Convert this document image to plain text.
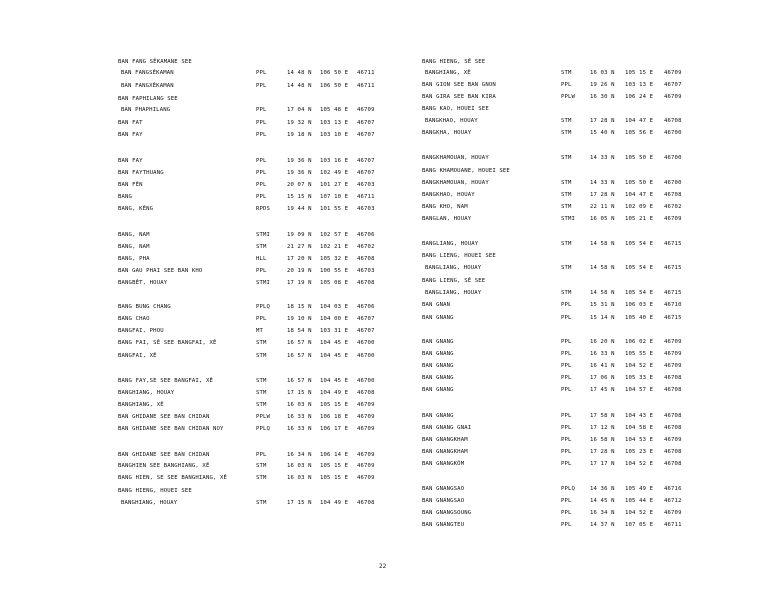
BAN FANG SĚKAMANE SEE
BAN FANGSĚKAMAN	PPL	14 48 N 106 50 E 46711
BAN FANGXĚKAMAN	PPL	14 48 N 106 50 E 46711
BAN FAPHILANG SEE
BAN PHAPHILANG	PPL	17 04 N 105 48 E 46709
BAN FAT	PPL	19 32 N 103 13 E 46707
BAN FAY	PPL	19 18 N 103 10 E 46707
BAN FAY	PPL	19 36 N 103 16 E 46707
BAN FAYTHUANG	PPL	19 36 N 102 49 E 46707
BAN FĚN	PPL	20 07 N 101 27 E 46703
BANG	PPL	15 15 N 107 10 E 46711
BANG, KĚNG	RPDS	19 44 N 101 55 E 46703
BANG, NAM	STMI	19 09 N 102 57 E 46706
BANG, NAM	STM	21 27 N 102 21 E 46702
BANG, PHA	HLL	17 20 N 105 32 E 46708
BAN GAU PHAI SEE BAN KHO	PPL	20 19 N 100 55 E 46703
BANGBĚT, HOUAY	STMI	17 19 N 105 08 E 46708
BANG BUNG CHANG	PPLQ	18 15 N 104 03 E 46706
BANG CHAO	PPL	19 10 N 104 00 E 46707
BANGFAI, PHOU	MT	18 54 N 103 31 E 46707
BANG FAI, SĚ SEE BANGFAI, XĚ	STM	16 57 N 104 45 E 46700
BANGFAI, XĚ	STM	16 57 N 104 45 E 46700
BANG FAY,SE SEE BANGFAI, XĚ	STM	16 57 N 104 45 E 46700
BANGHIANG, HOUAY	STM	17 15 N 104 49 E 46708
BANGHIANG, XĚ	STM	16 03 N 105 15 E 46709
BAN GHIDANE SEE BAN CHIDAN	PPLW	16 33 N 106 18 E 46709
BAN GHIDANE SEE BAN CHIDAN NOY	PPLQ	16 33 N 106 17 E 46709
BAN GHIDANE SEE BAN CHIDAN	PPL	16 34 N 106 14 E 46709
BANGHIEN SEE BANGHIANG, XĚ	STM	16 03 N 105 15 E 46709
BANG HIEN, SE SEE BANGHIANG, XĚ	STM	16 03 N 105 15 E 46709
BANG HIENG, HOUEI SEE
BANGHIANG, HOUAY	STM	17 15 N 104 49 E 46708
BANG HIENG, SĚ SEE
BANGHIANG, XĚ	STM	16 03 N 105 15 E 46709
BAN GION SEE BAN GNON	PPL	19 26 N 103 13 E 46707
BAN GIRA SEE BAN KIRA	PPLW	16 30 N 106 24 E 46709
BANG KAO, HOUEI SEE
BANGKHAO, HOUAY	STM	17 28 N 104 47 E 46708
BANGKHA, HOUAY	STM	15 40 N 105 56 E 46700
BANGKHAMOUAN, HOUAY	STM	14 33 N 105 50 E 46700
BANG KHAMOUANE, HOUEI SEE
BANGKHAMOUAN, HOUAY	STM	14 33 N 105 50 E 46700
BANGKHAO, HOUAY	STM	17 28 N 104 47 E 46708
BANG KHO, NAM	STM	22 11 N 102 09 E 46702
BANGLAN, HOUAY	STMI	16 05 N 105 21 E 46709
BANGLIANG, HOUAY	STM	14 58 N 105 54 E 46715
BANG LIENG, HOUEI SEE
BANGLIANG, HOUAY	STM	14 58 N 105 54 E 46715
BANG LIENG, SĚ SEE
BANGLIANG, HOUAY	STM	14 58 N 105 54 E 46715
BAN GNAN	PPL	15 31 N 106 03 E 46710
BAN GNANG	PPL	15 14 N 105 40 E 46715
BAN GNANG	PPL	16 20 N 106 02 E 46709
BAN GNANG	PPL	16 33 N 105 55 E 46709
BAN GNANG	PPL	16 41 N 104 52 E 46709
BAN GNANG	PPL	17 06 N 105 33 E 46708
BAN GNANG	PPL	17 45 N 104 57 E 46708
BAN GNANG	PPL	17 58 N 104 43 E 46708
BAN GNANG GNAI	PPL	17 12 N 104 58 E 46708
BAN GNANGKHAM	PPL	16 58 N 104 53 E 46709
BAN GNANGKHAM	PPL	17 28 N 105 23 E 46708
BAN GNANGKŎM	PPL	17 17 N 104 52 E 46708
BAN GNANGSAO	PPLQ	14 36 N 105 49 E 46716
BAN GNANGSAO	PPL	14 45 N 105 44 E 46712
BAN GNANGSOUNG	PPL	16 34 N 104 52 E 46709
BAN GNANGTEU	PPL	14 37 N 107 05 E 46711
22
